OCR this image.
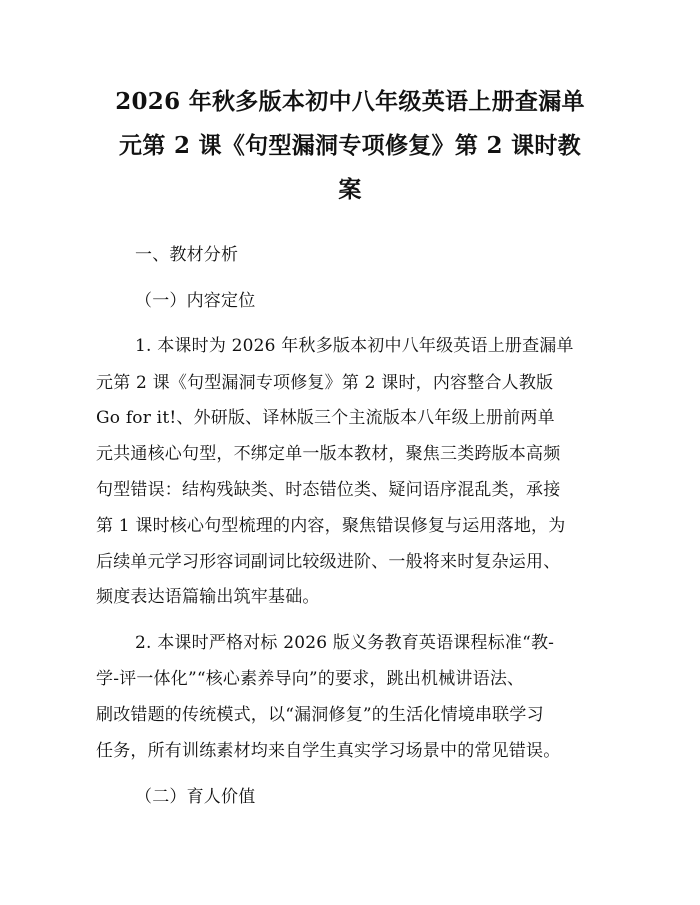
2026 年秋多版本初中八年级英语上册查漏单
元第 2 课《句型漏洞专项修复》第 2 课时教
案

一、教材分析

（一）内容定位

1. 本课时为 2026 年秋多版本初中八年级英语上册查漏单

元第 2 课《句型漏洞专项修复》第 2 课时，内容整合人教版

Go for it!、外研版、译林版三个主流版本八年级上册前两单

元共通核心句型，不绑定单一版本教材，聚焦三类跨版本高频

句型错误：结构残缺类、时态错位类、疑问语序混乱类，承接

第 1 课时核心句型梳理的内容，聚焦错误修复与运用落地，为

后续单元学习形容词副词比较级进阶、一般将来时复杂运用、

频度表达语篇输出筑牢基础。

2. 本课时严格对标 2026 版义务教育英语课程标准“教-

学-评一体化”“核心素养导向”的要求，跳出机械讲语法、

刷改错题的传统模式，以“漏洞修复”的生活化情境串联学习

任务，所有训练素材均来自学生真实学习场景中的常见错误。

（二）育人价值
